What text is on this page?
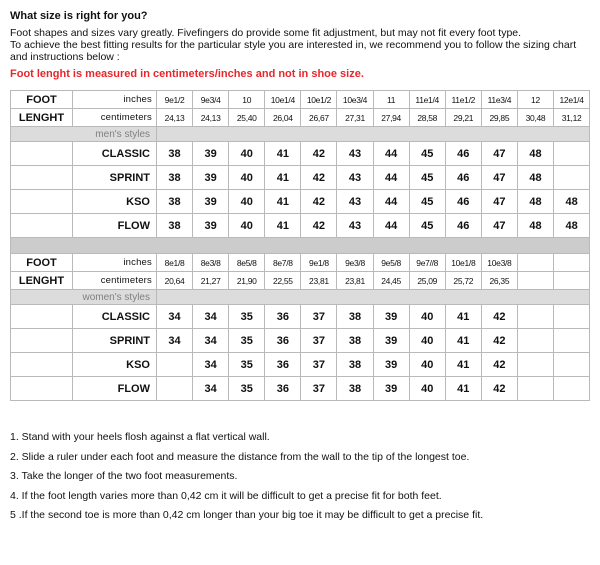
What size is right for you?
Foot shapes and sizes vary greatly. Fivefingers do provide some fit adjustment, but may not fit every foot type.
To achieve the best fitting results for the particular style you are interested in, we recommend you to follow the sizing chart and instructions below :
Foot lenght is measured in centimeters/inches and not in shoe size.
FOOT	inches	9e1/2	9e3/4	10	10e1/4	10e1/2	10e3/4	11	11e1/4	11e1/2	11e3/4	12	12e1/4
LENGHT	centimeters	24,13	24,13	25,40	26,04	26,67	27,31	27,94	28,58	29,21	29,85	30,48	31,12
men's styles													
	CLASSIC	38	39	40	41	42	43	44	45	46	47	48	
	SPRINT	38	39	40	41	42	43	44	45	46	47	48	
	KSO	38	39	40	41	42	43	44	45	46	47	48	48
	FLOW	38	39	40	41	42	43	44	45	46	47	48	48

FOOT	inches	8e1/8	8e3/8	8e5/8	8e7/8	9e1/8	9e3/8	9e5/8	9e7//8	10e1/8	10e3/8		
LENGHT	centimeters	20,64	21,27	21,90	22,55	23,81	23,81	24,45	25,09	25,72	26,35		
women's styles													
	CLASSIC	34	34	35	36	37	38	39	40	41	42		
	SPRINT	34	34	35	36	37	38	39	40	41	42		
	KSO		34	35	36	37	38	39	40	41	42		
	FLOW		34	35	36	37	38	39	40	41	42		
1. Stand with your heels flosh against a flat vertical wall.
2. Slide a ruler under each foot and measure the distance from the wall to the tip of the longest toe.
3. Take the longer of the two foot measurements.
4. If the foot length varies more than 0,42 cm it will be difficult to get a precise fit for both feet.
5 .If the second toe is more than 0,42 cm longer than your big toe it may be difficult to get a precise fit.
